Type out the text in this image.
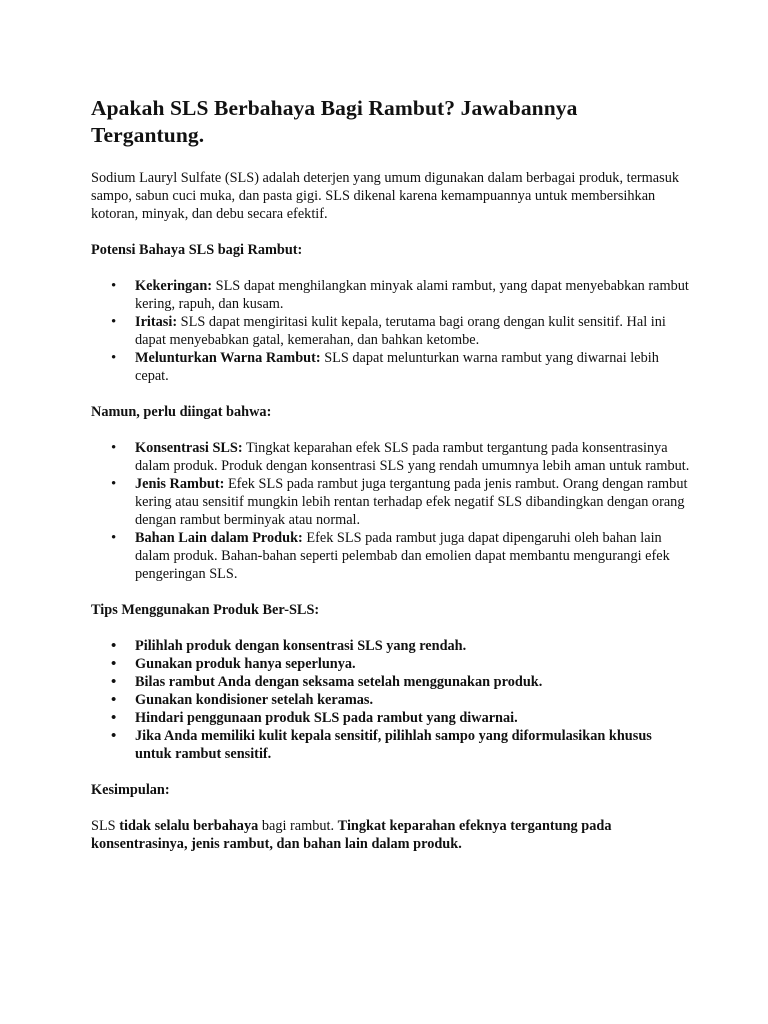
Apakah SLS Berbahaya Bagi Rambut? Jawabannya Tergantung.

Sodium Lauryl Sulfate (SLS) adalah deterjen yang umum digunakan dalam berbagai produk, termasuk sampo, sabun cuci muka, dan pasta gigi. SLS dikenal karena kemampuannya untuk membersihkan kotoran, minyak, dan debu secara efektif.

Potensi Bahaya SLS bagi Rambut:

• Kekeringan: SLS dapat menghilangkan minyak alami rambut, yang dapat menyebabkan rambut kering, rapuh, dan kusam.
• Iritasi: SLS dapat mengiritasi kulit kepala, terutama bagi orang dengan kulit sensitif. Hal ini dapat menyebabkan gatal, kemerahan, dan bahkan ketombe.
• Melunturkan Warna Rambut: SLS dapat melunturkan warna rambut yang diwarnai lebih cepat.

Namun, perlu diingat bahwa:

• Konsentrasi SLS: Tingkat keparahan efek SLS pada rambut tergantung pada konsentrasinya dalam produk. Produk dengan konsentrasi SLS yang rendah umumnya lebih aman untuk rambut.
• Jenis Rambut: Efek SLS pada rambut juga tergantung pada jenis rambut. Orang dengan rambut kering atau sensitif mungkin lebih rentan terhadap efek negatif SLS dibandingkan dengan orang dengan rambut berminyak atau normal.
• Bahan Lain dalam Produk: Efek SLS pada rambut juga dapat dipengaruhi oleh bahan lain dalam produk. Bahan-bahan seperti pelembab dan emolien dapat membantu mengurangi efek pengeringan SLS.

Tips Menggunakan Produk Ber-SLS:

• Pilihlah produk dengan konsentrasi SLS yang rendah.
• Gunakan produk hanya seperlunya.
• Bilas rambut Anda dengan seksama setelah menggunakan produk.
• Gunakan kondisioner setelah keramas.
• Hindari penggunaan produk SLS pada rambut yang diwarnai.
• Jika Anda memiliki kulit kepala sensitif, pilihlah sampo yang diformulasikan khusus untuk rambut sensitif.

Kesimpulan:

SLS tidak selalu berbahaya bagi rambut. Tingkat keparahan efeknya tergantung pada konsentrasinya, jenis rambut, dan bahan lain dalam produk.
